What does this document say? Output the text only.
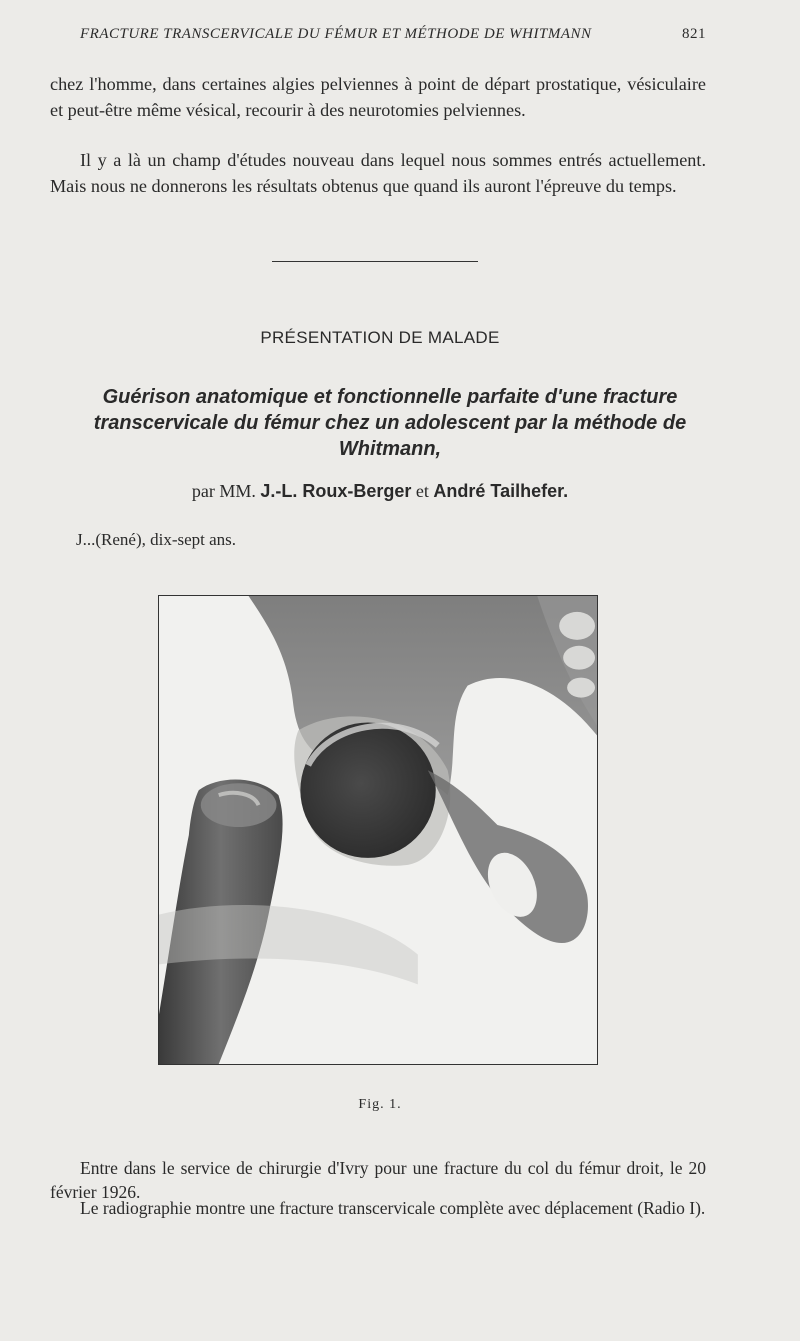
FRACTURE TRANSCERVICALE DU FÉMUR ET MÉTHODE DE WHITMANN	821

chez l'homme, dans certaines algies pelviennes à point de départ prostatique, vésiculaire et peut-être même vésical, recourir à des neurotomies pelviennes.

Il y a là un champ d'études nouveau dans lequel nous sommes entrés actuellement. Mais nous ne donnerons les résultats obtenus que quand ils auront l'épreuve du temps.

PRÉSENTATION DE MALADE

Guérison anatomique et fonctionnelle parfaite d'une fracture transcervicale du fémur chez un adolescent par la méthode de Whitmann,

par MM. J.-L. Roux-Berger et André Tailhefer.
J...(René), dix-sept ans.
Fig. 1.

Entre dans le service de chirurgie d'Ivry pour une fracture du col du fémur droit, le 20 février 1926.

Le radiographie montre une fracture transcervicale complète avec déplacement (Radio I).
